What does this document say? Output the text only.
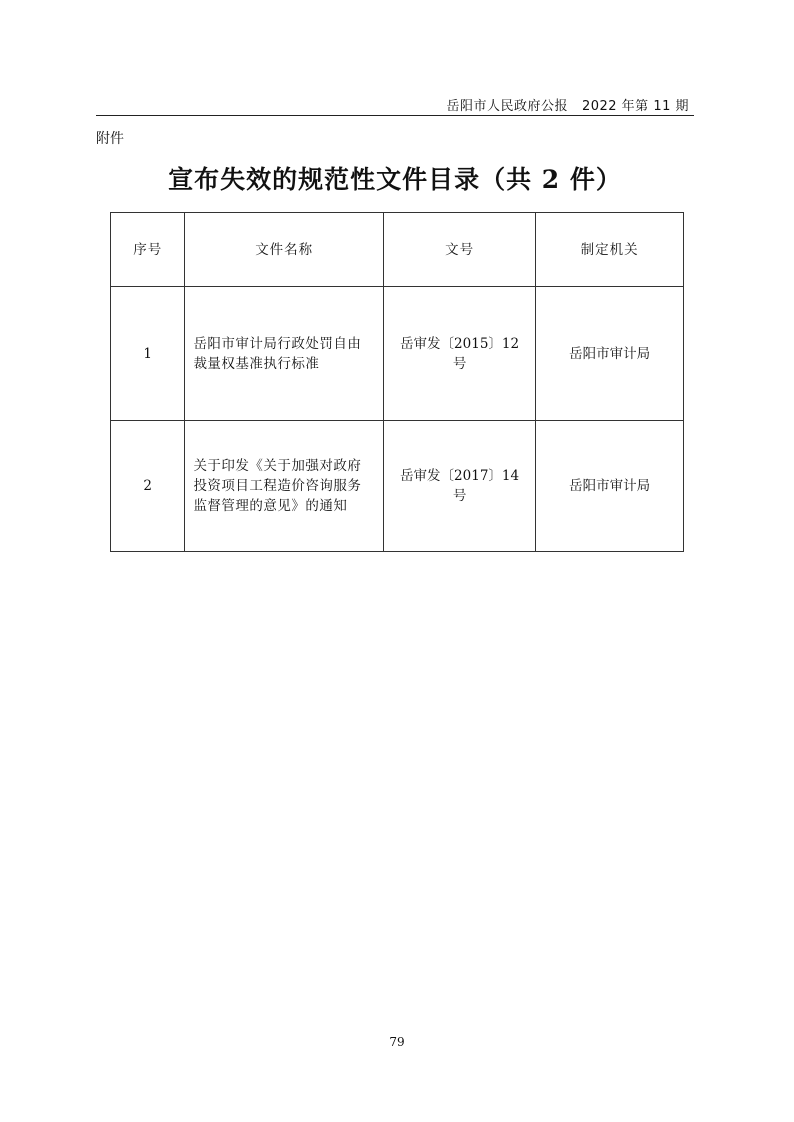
岳阳市人民政府公报 2022 年第 11 期
附件
宣布失效的规范性文件目录（共 2 件）
序号	文件名称	文号	制定机关
1	岳阳市审计局行政处罚自由裁量权基准执行标准	岳审发〔2015〕12 号	岳阳市审计局
2	关于印发《关于加强对政府投资项目工程造价咨询服务监督管理的意见》的通知	岳审发〔2017〕14 号	岳阳市审计局
79
